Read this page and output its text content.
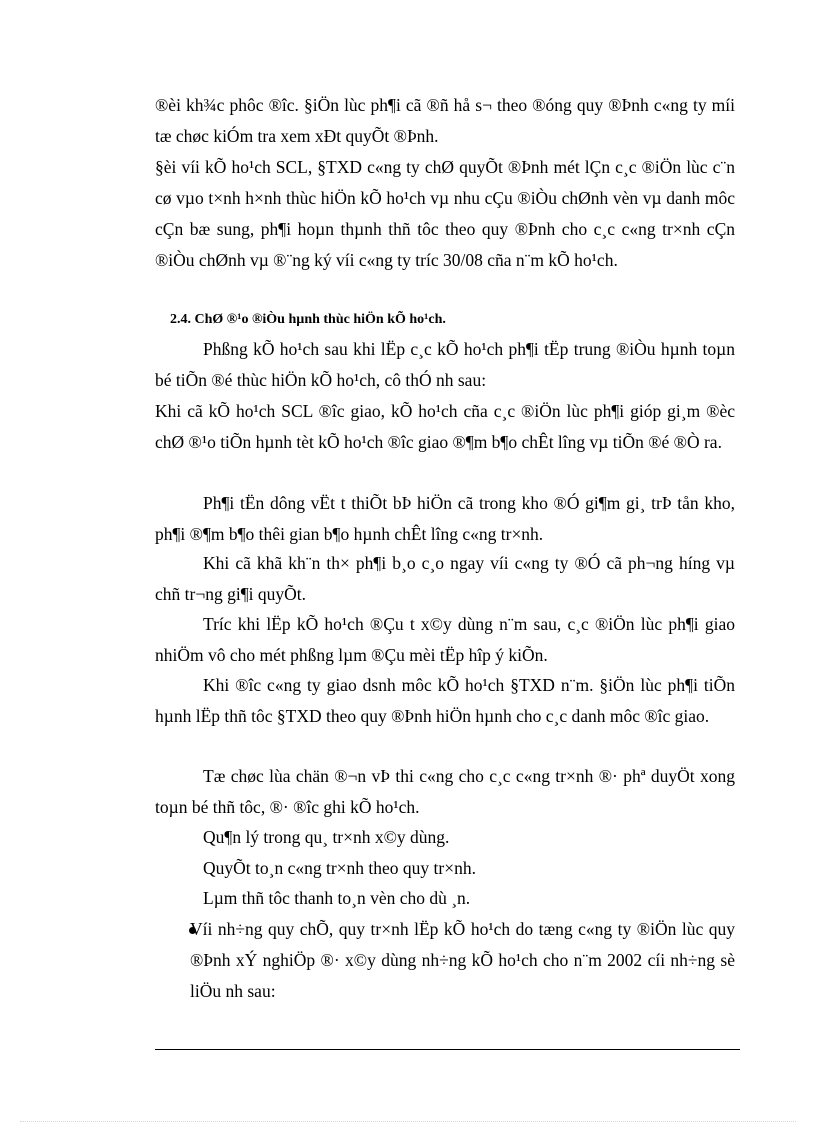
®èi kh¾c phôc ®îc. §iÖn lùc ph¶i cã ®ñ hå s¬ theo ®óng quy ®Þnh c«ng ty míi tæ chøc kiÓm tra xem xÐt quyÕt ®Þnh.

§èi víi kÕ ho¹ch SCL, §TXD c«ng ty chØ quyÕt ®Þnh mét lÇn c¸c ®iÖn lùc c¨n cø vµo t×nh h×nh thùc hiÖn kÕ ho¹ch vµ nhu cÇu ®iÒu chØnh vèn vµ danh môc cÇn bæ sung, ph¶i hoµn thµnh thñ tôc theo quy ®Þnh cho c¸c c«ng tr×nh cÇn ®iÒu chØnh vµ ®¨ng ký víi c«ng ty tríc 30/08 cña n¨m kÕ ho¹ch.

2.4. ChØ ®¹o ®iÒu hµnh thùc hiÖn kÕ ho¹ch.

Phßng kÕ ho¹ch sau khi lËp c¸c kÕ ho¹ch ph¶i tËp trung ®iÒu hµnh toµn bé tiÕn ®é thùc hiÖn kÕ ho¹ch, cô thÓ nh sau:

Khi cã kÕ ho¹ch SCL ®îc giao, kÕ ho¹ch cña c¸c ®iÖn lùc ph¶i gióp gi¸m ®èc chØ ®¹o tiÕn hµnh tèt kÕ ho¹ch ®îc giao ®¶m b¶o chÊt lîng vµ tiÕn ®é ®Ò ra.

Ph¶i tËn dông vËt t thiÕt bÞ hiÖn cã trong kho ®Ó gi¶m gi¸ trÞ tån kho, ph¶i ®¶m b¶o thêi gian b¶o hµnh chÊt lîng c«ng tr×nh.

Khi cã khã kh¨n th× ph¶i b¸o c¸o ngay víi c«ng ty ®Ó cã ph¬ng híng vµ chñ tr¬ng gi¶i quyÕt.

Tríc khi lËp kÕ ho¹ch ®Çu t x©y dùng n¨m sau, c¸c ®iÖn lùc ph¶i giao nhiÖm vô cho mét phßng lµm ®Çu mèi tËp hîp ý kiÕn.

Khi ®îc c«ng ty giao dsnh môc kÕ ho¹ch §TXD n¨m. §iÖn lùc ph¶i tiÕn hµnh lËp thñ tôc §TXD theo quy ®Þnh hiÖn hµnh cho c¸c danh môc ®îc giao.

Tæ chøc lùa chän ®¬n vÞ thi c«ng cho c¸c c«ng tr×nh ®· phª duyÖt xong toµn bé thñ tôc, ®· ®îc ghi kÕ ho¹ch.

Qu¶n lý trong qu¸ tr×nh x©y dùng.

QuyÕt to¸n c«ng tr×nh theo quy tr×nh.

Lµm thñ tôc thanh to¸n vèn cho dù ¸n.

Víi nh÷ng quy chÕ, quy tr×nh lËp kÕ ho¹ch do tæng c«ng ty ®iÖn lùc quy ®Þnh xÝ nghiÖp ®· x©y dùng nh÷ng kÕ ho¹ch cho n¨m 2002 cíi nh÷ng sè liÖu nh sau:
